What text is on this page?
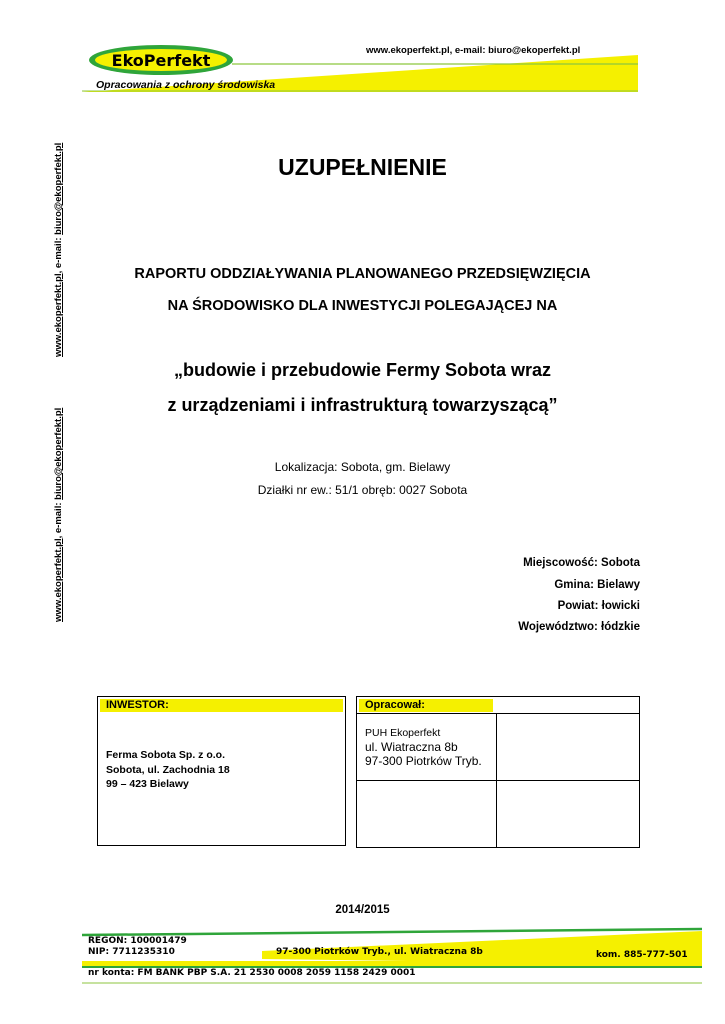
www.ekoperfekt.pl, e-mail: biuro@ekoperfekt.pl
EkoPerfekt
Opracowania z ochrony środowiska
www.ekoperfekt.pl, e-mail: biuro@ekoperfekt.pl
www.ekoperfekt.pl, e-mail: biuro@ekoperfekt.pl
UZUPEŁNIENIE
RAPORTU ODDZIAŁYWANIA PLANOWANEGO PRZEDSIĘWZIĘCIA
NA ŚRODOWISKO DLA INWESTYCJI POLEGAJĄCEJ NA
„budowie i przebudowie Fermy Sobota wraz
z urządzeniami i infrastrukturą towarzyszącą”
Lokalizacja: Sobota, gm. Bielawy
Działki nr ew.: 51/1 obręb: 0027 Sobota
Miejscowość: Sobota
Gmina: Bielawy
Powiat: łowicki
Województwo: łódzkie
INWESTOR:
Ferma Sobota Sp. z o.o.
Sobota, ul. Zachodnia 18
99 – 423 Bielawy
Opracował:
PUH Ekoperfekt
ul. Wiatraczna 8b
97-300 Piotrków Tryb.
2014/2015
REGON: 100001479
NIP: 7711235310	97-300 Piotrków Tryb., ul. Wiatraczna 8b	kom. 885-777-501
nr konta: FM BANK PBP S.A. 21 2530 0008 2059 1158 2429 0001
